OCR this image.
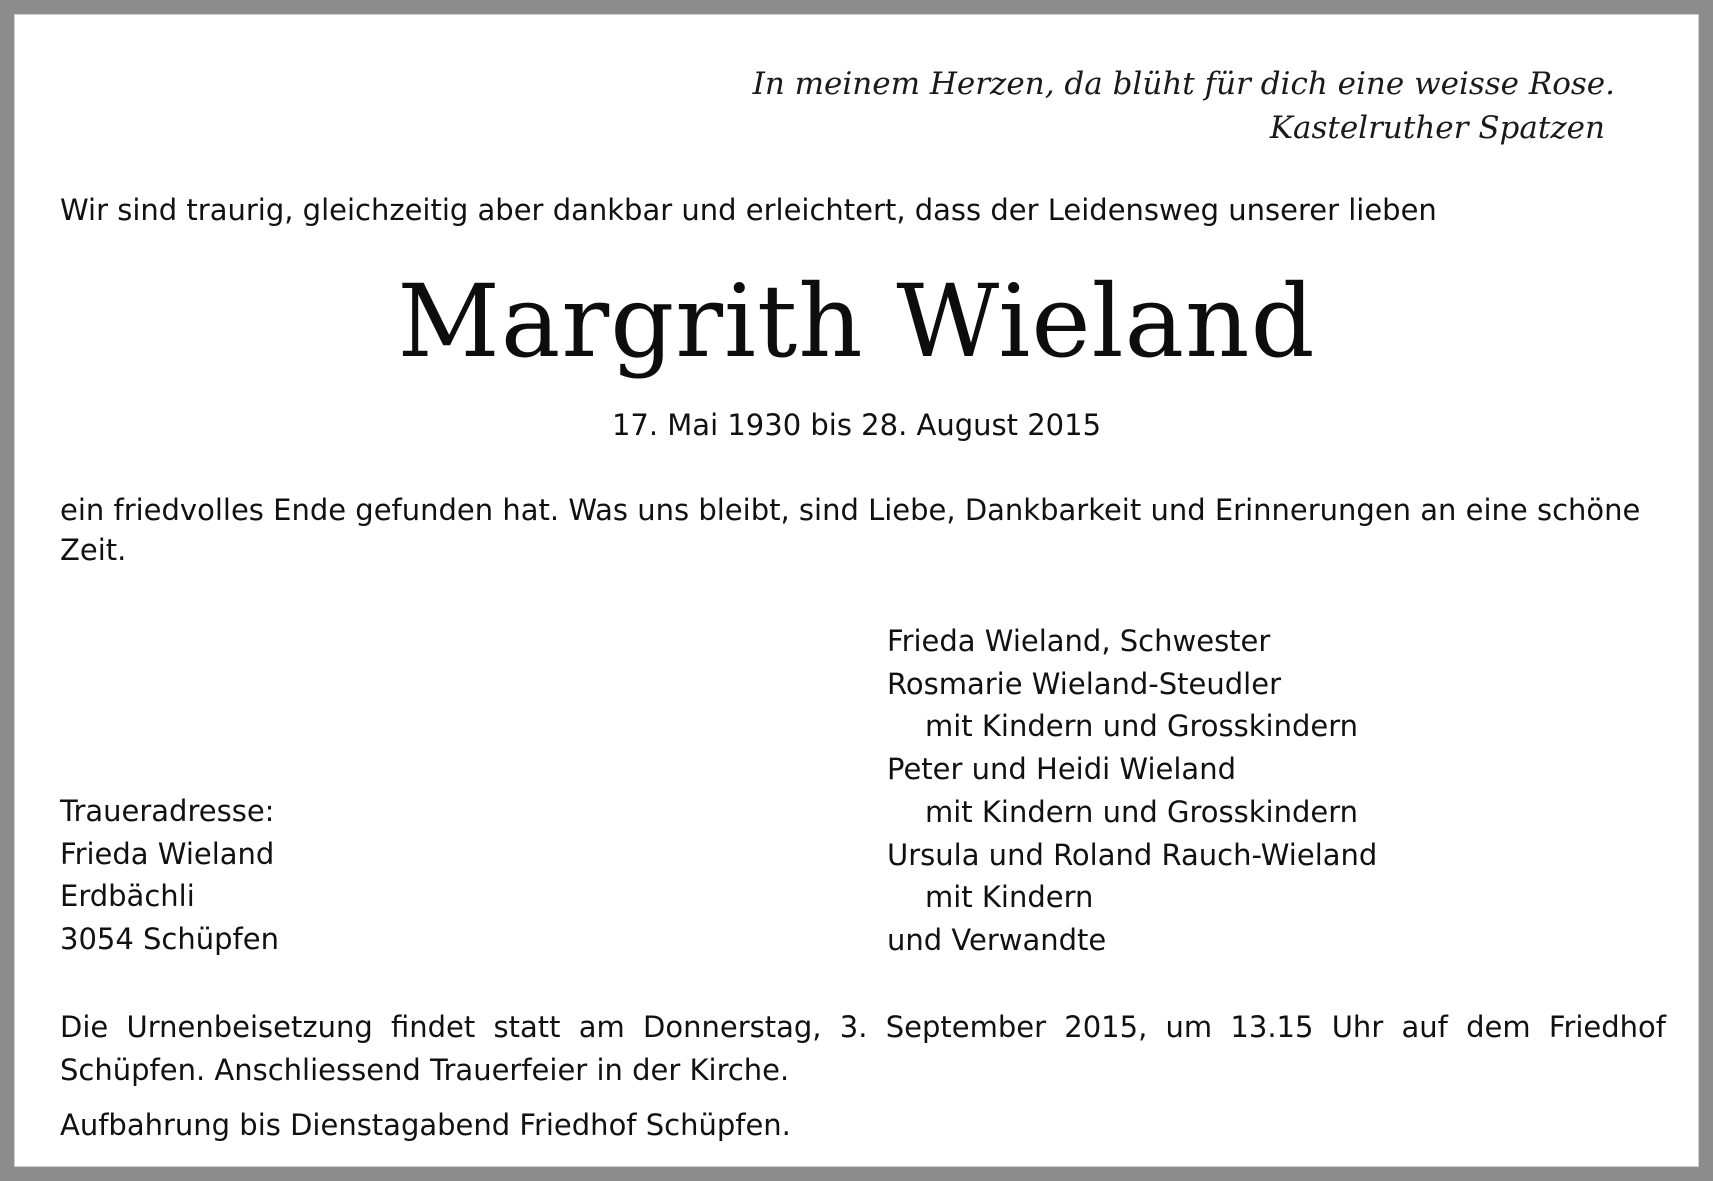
In meinem Herzen, da blüht für dich eine weisse Rose.
Kastelruther Spatzen
Wir sind traurig, gleichzeitig aber dankbar und erleichtert, dass der Leidensweg unserer lieben
Margrith Wieland
17. Mai 1930 bis 28. August 2015
ein friedvolles Ende gefunden hat. Was uns bleibt, sind Liebe, Dankbarkeit und Erinnerungen an eine schöne Zeit.
Frieda Wieland, Schwester
Rosmarie Wieland-Steudler
mit Kindern und Grosskindern
Peter und Heidi Wieland
mit Kindern und Grosskindern
Ursula und Roland Rauch-Wieland
mit Kindern
und Verwandte
Traueradresse:
Frieda Wieland
Erdbächli
3054 Schüpfen
Die Urnenbeisetzung findet statt am Donnerstag, 3. September 2015, um 13.15 Uhr auf dem Friedhof Schüpfen. Anschliessend Trauerfeier in der Kirche.
Aufbahrung bis Dienstagabend Friedhof Schüpfen.
